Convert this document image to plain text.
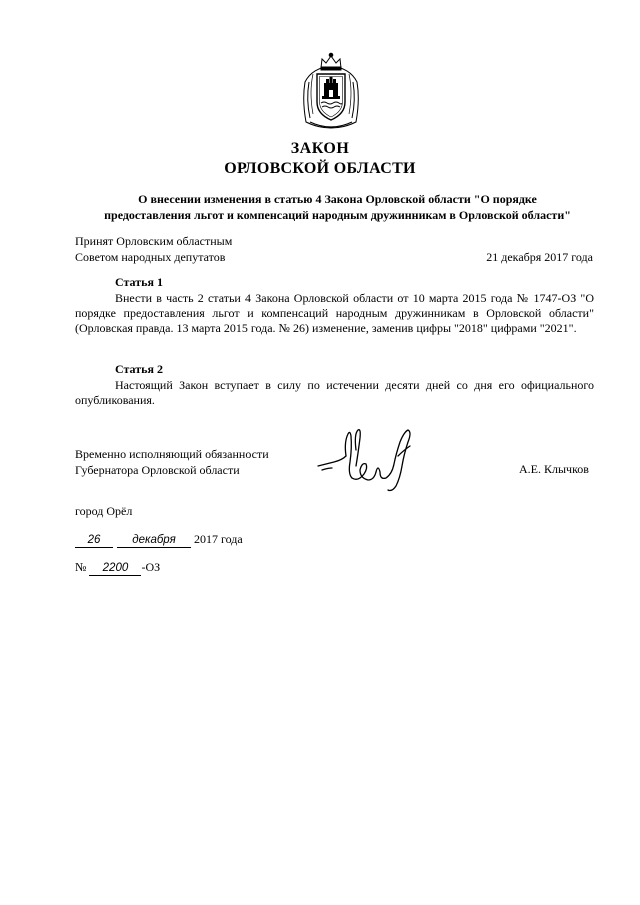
ЗАКОН
ОРЛОВСКОЙ ОБЛАСТИ
О внесении изменения в статью 4 Закона Орловской области "О порядке
предоставления льгот и компенсаций народным дружинникам в Орловской области"
Принят Орловским областным
Советом народных депутатов	21 декабря 2017 года
Статья 1
Внести в часть 2 статьи 4 Закона Орловской области от 10 марта 2015 года № 1747-ОЗ "О порядке предоставления льгот и компенсаций народным дружинникам в Орловской области" (Орловская правда. 13 марта 2015 года. № 26) изменение, заменив цифры "2018" цифрами "2021".
Статья 2
Настоящий Закон вступает в силу по истечении десяти дней со дня его официального опубликования.
Временно исполняющий обязанности
Губернатора Орловской области	А.Е. Клычков
город Орёл
26	декабря 2017 года
№ 2200 -ОЗ
